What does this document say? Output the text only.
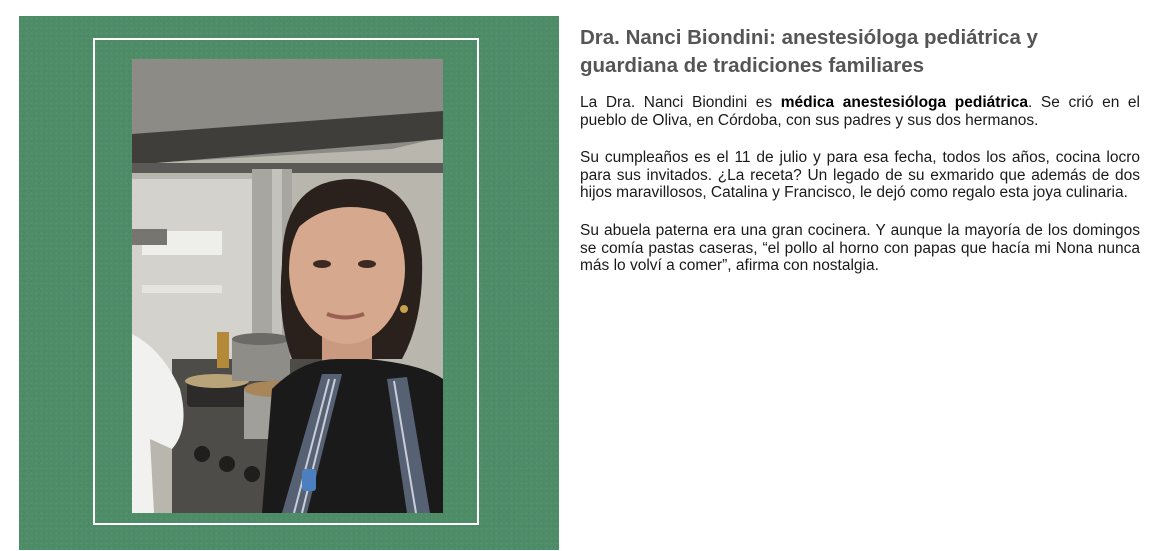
Dra. Nanci Biondini: anestesióloga pediátrica y guardiana de tradiciones familiares

La Dra. Nanci Biondini es médica anestesióloga pediátrica. Se crió en el pueblo de Oliva, en Córdoba, con sus padres y sus dos hermanos.

Su cumpleaños es el 11 de julio y para esa fecha, todos los años, cocina locro para sus invitados. ¿La receta? Un legado de su exmarido que además de dos hijos maravillosos, Catalina y Francisco, le dejó como regalo esta joya culinaria.

Su abuela paterna era una gran cocinera. Y aunque la mayoría de los domingos se comía pastas caseras, “el pollo al horno con papas que hacía mi Nona nunca más lo volví a comer”, afirma con nostalgia.
